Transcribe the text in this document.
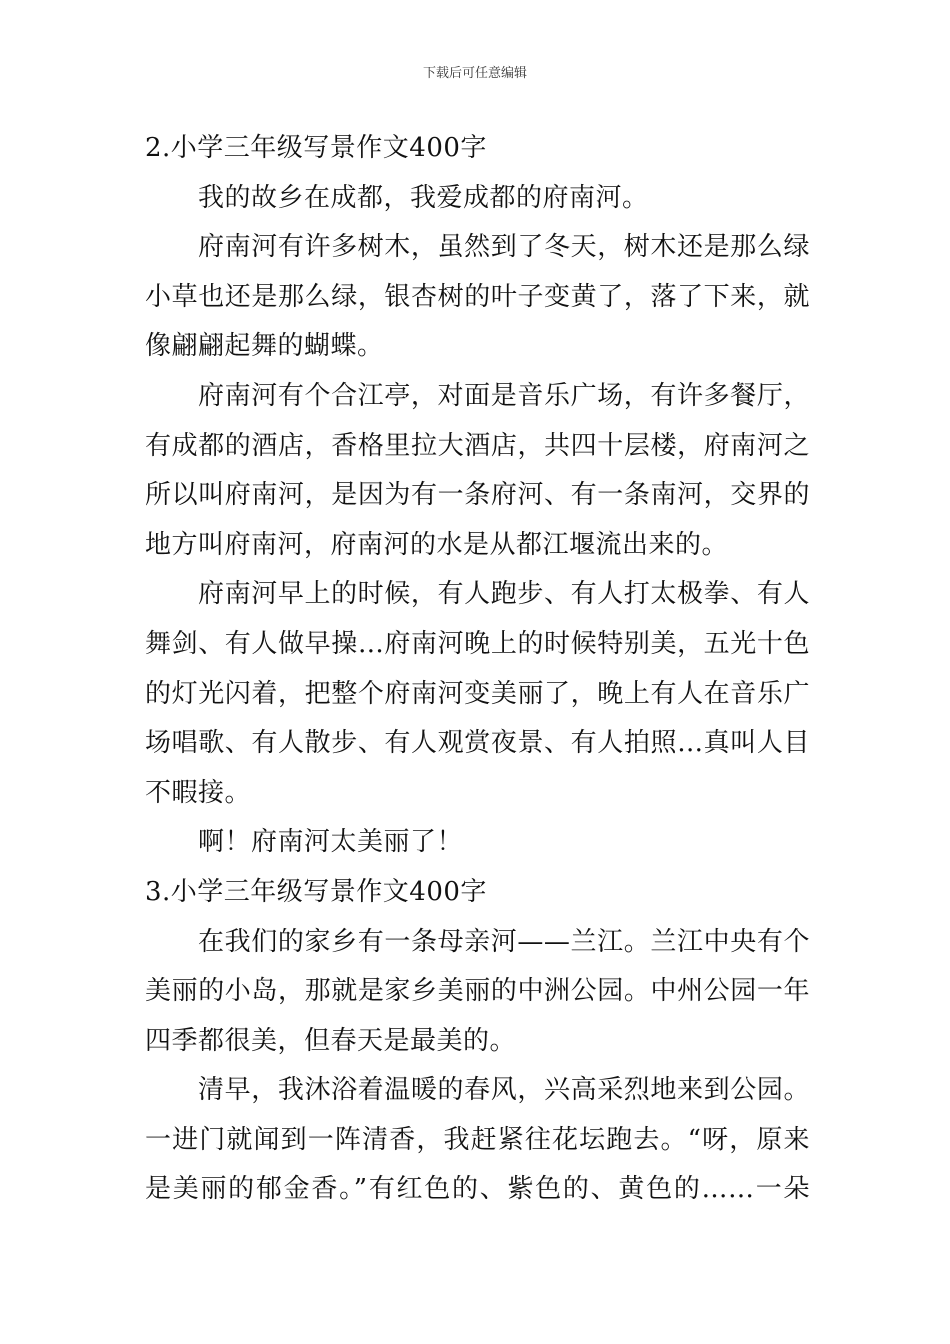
下载后可任意编辑
2.小学三年级写景作文400字
我的故乡在成都，我爱成都的府南河。
府南河有许多树木，虽然到了冬天，树木还是那么绿
小草也还是那么绿，银杏树的叶子变黄了，落了下来，就
像翩翩起舞的蝴蝶。
府南河有个合江亭，对面是音乐广场，有许多餐厅，
有成都的酒店，香格里拉大酒店，共四十层楼，府南河之
所以叫府南河，是因为有一条府河、有一条南河，交界的
地方叫府南河，府南河的水是从都江堰流出来的。
府南河早上的时候，有人跑步、有人打太极拳、有人
舞剑、有人做早操…府南河晚上的时候特别美，五光十色
的灯光闪着，把整个府南河变美丽了，晚上有人在音乐广
场唱歌、有人散步、有人观赏夜景、有人拍照…真叫人目
不暇接。
啊！府南河太美丽了！
3.小学三年级写景作文400字
在我们的家乡有一条母亲河——兰江。兰江中央有个
美丽的小岛，那就是家乡美丽的中洲公园。中州公园一年
四季都很美，但春天是最美的。
清早，我沐浴着温暖的春风，兴高采烈地来到公园。
一进门就闻到一阵清香，我赶紧往花坛跑去。“呀，原来
是美丽的郁金香。”有红色的、紫色的、黄色的……一朵
